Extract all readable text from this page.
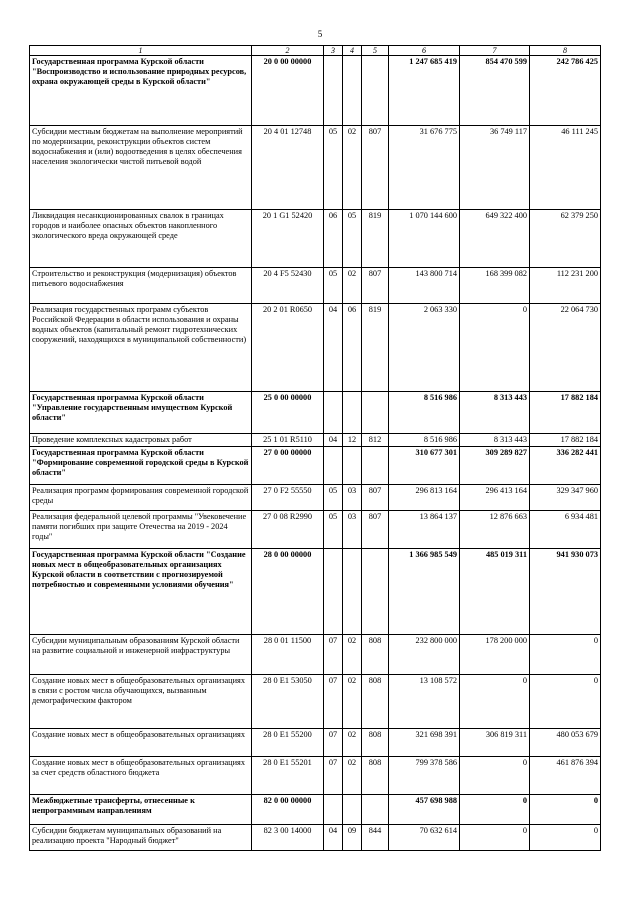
5
1	2	3	4	5	6	7	8
Государственная программа Курской области "Воспроизводство и использование природных ресурсов, охрана окружающей среды в Курской области"	20 0 00 00000				1 247 685 419	854 470 599	242 786 425
Субсидии местным бюджетам на выполнение мероприятий по модернизации, реконструкции объектов систем водоснабжения и (или) водоотведения в целях обеспечения населения экологически чистой питьевой водой	20 4 01 12748	05	02	807	31 676 775	36 749 117	46 111 245
Ликвидация несанкционированных свалок в границах городов и наиболее опасных объектов накопленного экологического вреда окружающей среде	20 1 G1 52420	06	05	819	1 070 144 600	649 322 400	62 379 250
Строительство и реконструкция (модернизация) объектов питьевого водоснабжения	20 4 F5 52430	05	02	807	143 800 714	168 399 082	112 231 200
Реализация государственных программ субъектов Российской Федерации в области использования и охраны водных объектов (капитальный ремонт гидротехнических сооружений, находящихся в муниципальной собственности)	20 2 01 R0650	04	06	819	2 063 330	0	22 064 730
Государственная программа Курской области "Управление государственным имуществом Курской области"	25 0 00 00000				8 516 986	8 313 443	17 882 184
Проведение комплексных кадастровых работ	25 1 01 R5110	04	12	812	8 516 986	8 313 443	17 882 184
Государственная программа Курской области "Формирование современной городской среды в Курской области"	27 0 00 00000				310 677 301	309 289 827	336 282 441
Реализация программ формирования современной городской среды	27 0 F2 55550	05	03	807	296 813 164	296 413 164	329 347 960
Реализация федеральной целевой программы "Увековечение памяти погибших при защите Отечества на 2019 - 2024 годы"	27 0 08 R2990	05	03	807	13 864 137	12 876 663	6 934 481
Государственная программа Курской области "Создание новых мест в общеобразовательных организациях Курской области в соответствии с прогнозируемой потребностью и современными условиями обучения"	28 0 00 00000				1 366 985 549	485 019 311	941 930 073
Субсидии муниципальным образованиям Курской области на развитие социальной и инженерной инфраструктуры	28 0 01 11500	07	02	808	232 800 000	178 200 000	0
Создание новых мест в общеобразовательных организациях в связи с ростом числа обучающихся, вызванным демографическим фактором	28 0 E1 53050	07	02	808	13 108 572	0	0
Создание новых мест в общеобразовательных организациях	28 0 E1 55200	07	02	808	321 698 391	306 819 311	480 053 679
Создание новых мест в общеобразовательных организациях за счет средств областного бюджета	28 0 E1 55201	07	02	808	799 378 586	0	461 876 394
Межбюджетные трансферты, отнесенные к непрограммным направлениям	82 0 00 00000				457 698 988	0	0
Субсидии бюджетам муниципальных образований на реализацию проекта "Народный бюджет"	82 3 00 14000	04	09	844	70 632 614	0	0
